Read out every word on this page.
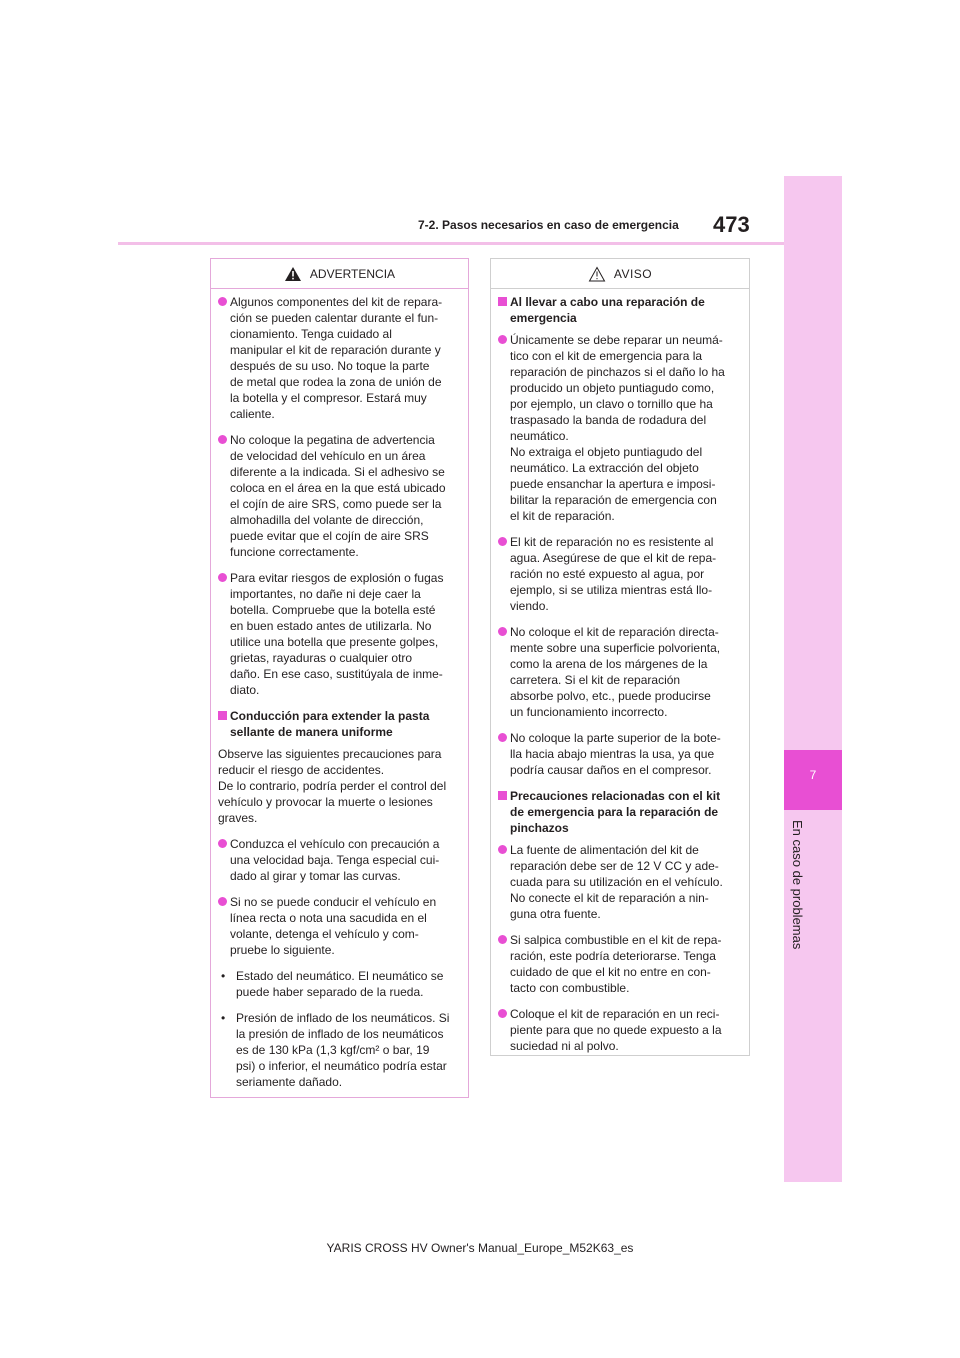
7
En caso de problemas
7-2. Pasos necesarios en caso de emergencia 473
ADVERTENCIA
Algunos componentes del kit de repara-
ción se pueden calentar durante el fun-
cionamiento. Tenga cuidado al
manipular el kit de reparación durante y
después de su uso. No toque la parte
de metal que rodea la zona de unión de
la botella y el compresor. Estará muy
caliente.
No coloque la pegatina de advertencia
de velocidad del vehículo en un área
diferente a la indicada. Si el adhesivo se
coloca en el área en la que está ubicado
el cojín de aire SRS, como puede ser la
almohadilla del volante de dirección,
puede evitar que el cojín de aire SRS
funcione correctamente.
Para evitar riesgos de explosión o fugas
importantes, no dañe ni deje caer la
botella. Compruebe que la botella esté
en buen estado antes de utilizarla. No
utilice una botella que presente golpes,
grietas, rayaduras o cualquier otro
daño. En ese caso, sustitúyala de inme-
diato.
Conducción para extender la pasta
sellante de manera uniforme
Observe las siguientes precauciones para
reducir el riesgo de accidentes.
De lo contrario, podría perder el control del
vehículo y provocar la muerte o lesiones
graves.
Conduzca el vehículo con precaución a
una velocidad baja. Tenga especial cui-
dado al girar y tomar las curvas.
Si no se puede conducir el vehículo en
línea recta o nota una sacudida en el
volante, detenga el vehículo y com-
pruebe lo siguiente.
• Estado del neumático. El neumático se
puede haber separado de la rueda.
• Presión de inflado de los neumáticos. Si
la presión de inflado de los neumáticos
es de 130 kPa (1,3 kgf/cm² o bar, 19
psi) o inferior, el neumático podría estar
seriamente dañado.
AVISO
Al llevar a cabo una reparación de
emergencia
Únicamente se debe reparar un neumá-
tico con el kit de emergencia para la
reparación de pinchazos si el daño lo ha
producido un objeto puntiagudo como,
por ejemplo, un clavo o tornillo que ha
traspasado la banda de rodadura del
neumático.
No extraiga el objeto puntiagudo del
neumático. La extracción del objeto
puede ensanchar la apertura e imposi-
bilitar la reparación de emergencia con
el kit de reparación.
El kit de reparación no es resistente al
agua. Asegúrese de que el kit de repa-
ración no esté expuesto al agua, por
ejemplo, si se utiliza mientras está llo-
viendo.
No coloque el kit de reparación directa-
mente sobre una superficie polvorienta,
como la arena de los márgenes de la
carretera. Si el kit de reparación
absorbe polvo, etc., puede producirse
un funcionamiento incorrecto.
No coloque la parte superior de la bote-
lla hacia abajo mientras la usa, ya que
podría causar daños en el compresor.
Precauciones relacionadas con el kit
de emergencia para la reparación de
pinchazos
La fuente de alimentación del kit de
reparación debe ser de 12 V CC y ade-
cuada para su utilización en el vehículo.
No conecte el kit de reparación a nin-
guna otra fuente.
Si salpica combustible en el kit de repa-
ración, este podría deteriorarse. Tenga
cuidado de que el kit no entre en con-
tacto con combustible.
Coloque el kit de reparación en un reci-
piente para que no quede expuesto a la
suciedad ni al polvo.
YARIS CROSS HV Owner's Manual_Europe_M52K63_es
